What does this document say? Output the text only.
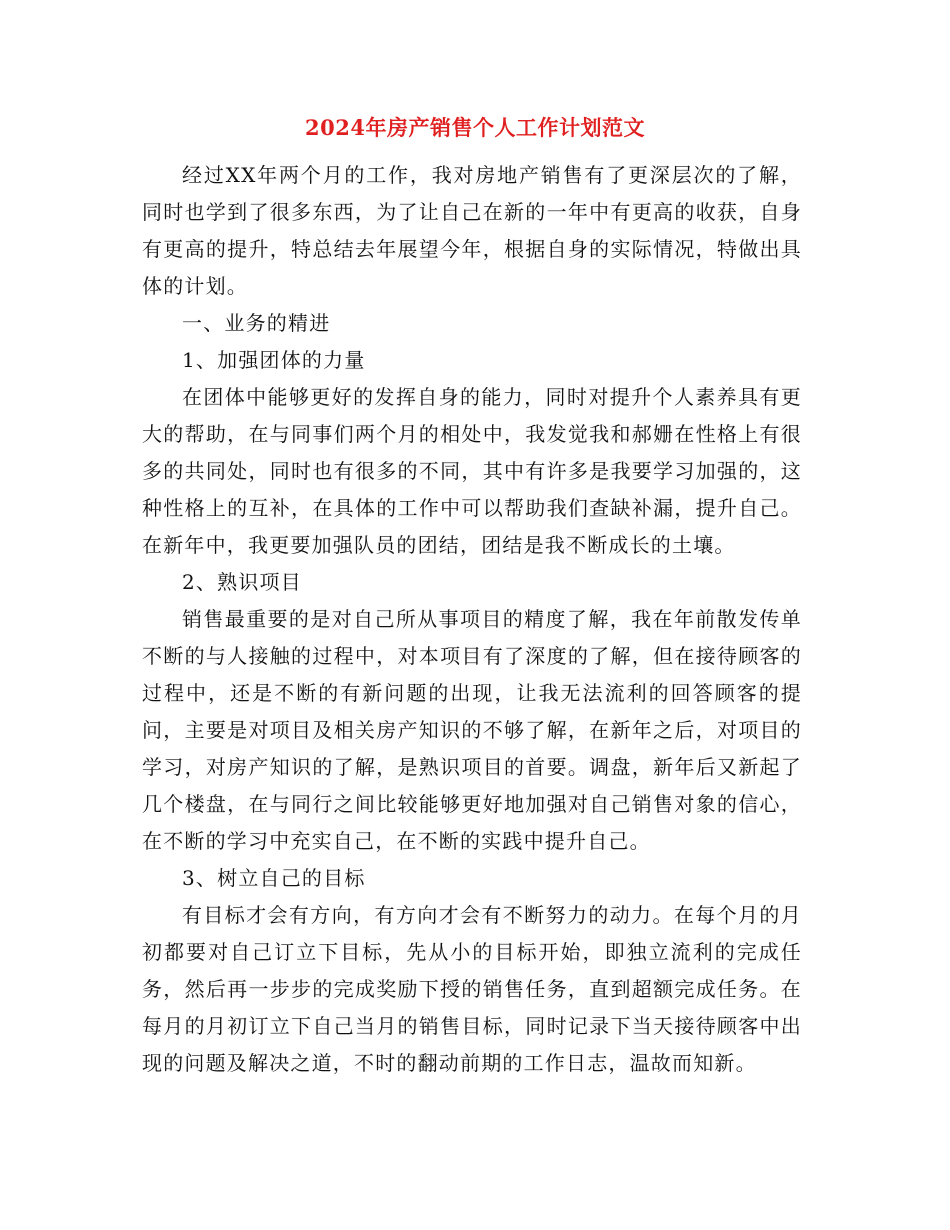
2024年房产销售个人工作计划范文

经过XX年两个月的工作，我对房地产销售有了更深层次的了解，同时也学到了很多东西，为了让自己在新的一年中有更高的收获，自身有更高的提升，特总结去年展望今年，根据自身的实际情况，特做出具体的计划。

一、业务的精进

1、加强团体的力量

在团体中能够更好的发挥自身的能力，同时对提升个人素养具有更大的帮助，在与同事们两个月的相处中，我发觉我和郝姗在性格上有很多的共同处，同时也有很多的不同，其中有许多是我要学习加强的，这种性格上的互补，在具体的工作中可以帮助我们查缺补漏，提升自己。在新年中，我更要加强队员的团结，团结是我不断成长的土壤。

2、熟识项目

销售最重要的是对自己所从事项目的精度了解，我在年前散发传单不断的与人接触的过程中，对本项目有了深度的了解，但在接待顾客的过程中，还是不断的有新问题的出现，让我无法流利的回答顾客的提问，主要是对项目及相关房产知识的不够了解，在新年之后，对项目的学习，对房产知识的了解，是熟识项目的首要。调盘，新年后又新起了几个楼盘，在与同行之间比较能够更好地加强对自己销售对象的信心，在不断的学习中充实自己，在不断的实践中提升自己。

3、树立自己的目标

有目标才会有方向，有方向才会有不断努力的动力。在每个月的月初都要对自己订立下目标，先从小的目标开始，即独立流利的完成任务，然后再一步步的完成奖励下授的销售任务，直到超额完成任务。在每月的月初订立下自己当月的销售目标，同时记录下当天接待顾客中出现的问题及解决之道，不时的翻动前期的工作日志，温故而知新。
